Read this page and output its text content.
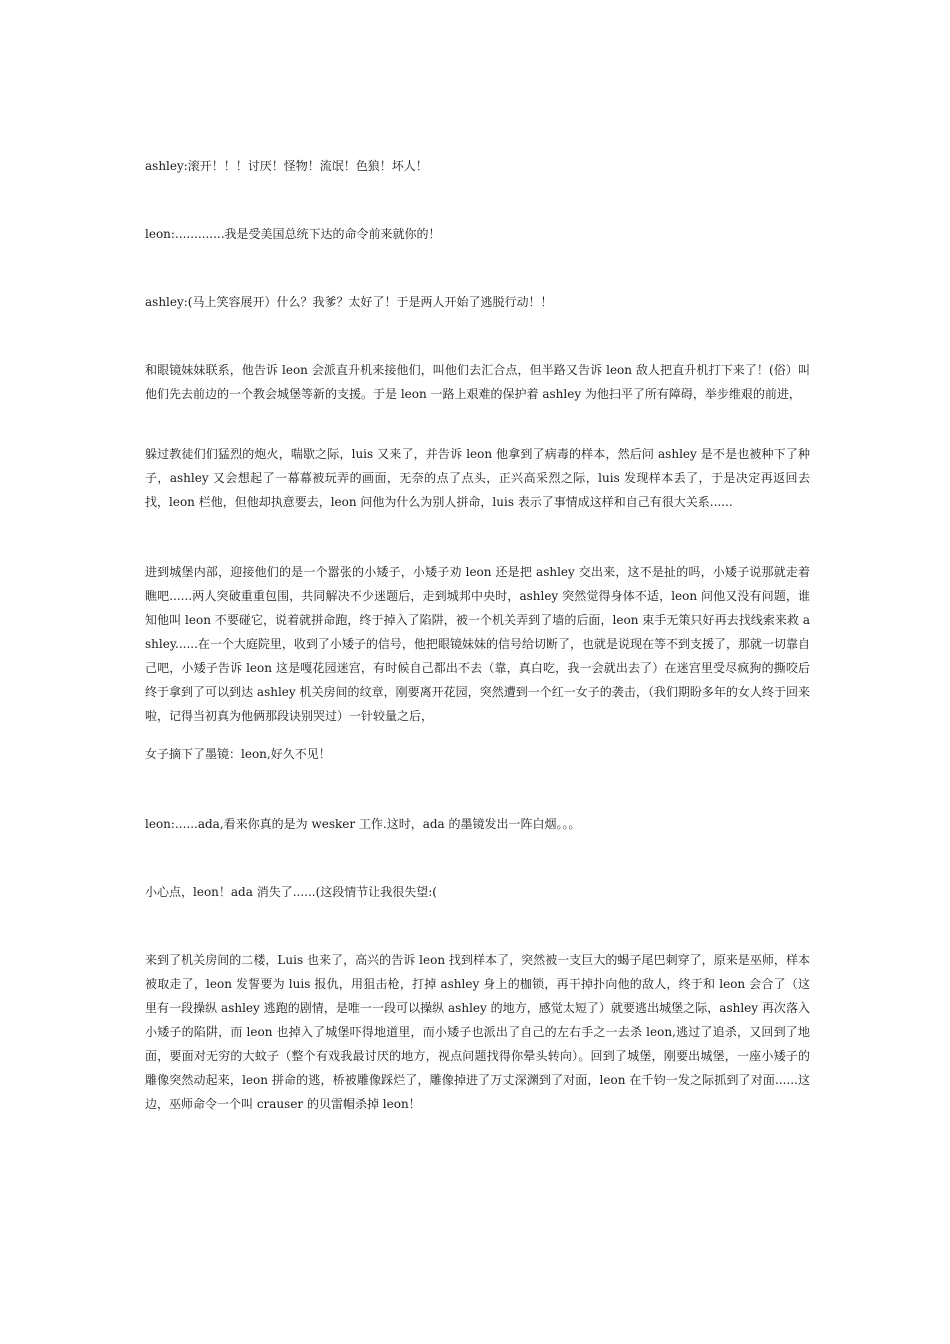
ashley:滚开！！！讨厌！怪物！流氓！色狼！坏人！

leon:.............我是受美国总统下达的命令前来就你的！

ashley:(马上笑容展开）什么？我爹？太好了！于是两人开始了逃脱行动！！

和眼镜妹妹联系，他告诉 leon 会派直升机来接他们，叫他们去汇合点，但半路又告诉 leon 敌人把直升机打下来了！(俗）叫他们先去前边的一个教会城堡等新的支援。于是 leon 一路上艰难的保护着 ashley 为他扫平了所有障碍，举步维艰的前进，

躲过教徒们们猛烈的炮火，喘歇之际，luis 又来了，并告诉 leon 他拿到了病毒的样本，然后问 ashley 是不是也被种下了种子，ashley 又会想起了一幕幕被玩弄的画面，无奈的点了点头，正兴高采烈之际，luis 发现样本丢了，于是决定再返回去找，leon 栏他，但他却执意要去，leon 问他为什么为别人拼命，luis 表示了事情成这样和自己有很大关系......

进到城堡内部，迎接他们的是一个嚣张的小矮子，小矮子劝 leon 还是把 ashley 交出来，这不是扯的吗，小矮子说那就走着瞧吧......两人突破重重包围，共同解决不少迷题后，走到城邦中央时，ashley 突然觉得身体不适，leon 问他又没有问题，谁知他叫 leon 不要碰它，说着就拼命跑，终于掉入了陷阱，被一个机关弄到了墙的后面，leon 束手无策只好再去找线索来救 ashley......在一个大庭院里，收到了小矮子的信号，他把眼镜妹妹的信号给切断了，也就是说现在等不到支援了，那就一切靠自己吧，小矮子告诉 leon 这是嘎花园迷宫，有时候自己都出不去（靠，真白吃，我一会就出去了）在迷宫里受尽疯狗的撕咬后终于拿到了可以到达 ashley 机关房间的纹章，刚要离开花园，突然遭到一个红一女子的袭击，（我们期盼多年的女人终于回来啦，记得当初真为他俩那段诀别哭过）一针较量之后，

女子摘下了墨镜：leon,好久不见！

leon:......ada,看来你真的是为 wesker 工作.这时，ada 的墨镜发出一阵白烟。。。

小心点，leon！ada 消失了......(这段情节让我很失望:(

来到了机关房间的二楼，Luis 也来了，高兴的告诉 leon 找到样本了，突然被一支巨大的蝎子尾巴刺穿了，原来是巫师，样本被取走了，leon 发誓要为 luis 报仇，用狙击枪，打掉 ashley 身上的枷锁，再干掉扑向他的敌人，终于和 leon 会合了（这里有一段操纵 ashley 逃跑的剧情，是唯一一段可以操纵 ashley 的地方，感觉太短了）就要逃出城堡之际，ashley 再次落入小矮子的陷阱，而 leon 也掉入了城堡吓得地道里，而小矮子也派出了自己的左右手之一去杀 leon,逃过了追杀，又回到了地面，要面对无穷的大蚊子（整个有戏我最讨厌的地方，视点问题找得你晕头转向）。回到了城堡，刚要出城堡，一座小矮子的雕像突然动起来，leon 拼命的逃，桥被雕像踩烂了，雕像掉进了万丈深渊到了对面，leon 在千钧一发之际抓到了对面......这边，巫师命令一个叫 crauser 的贝雷帽杀掉 leon！
